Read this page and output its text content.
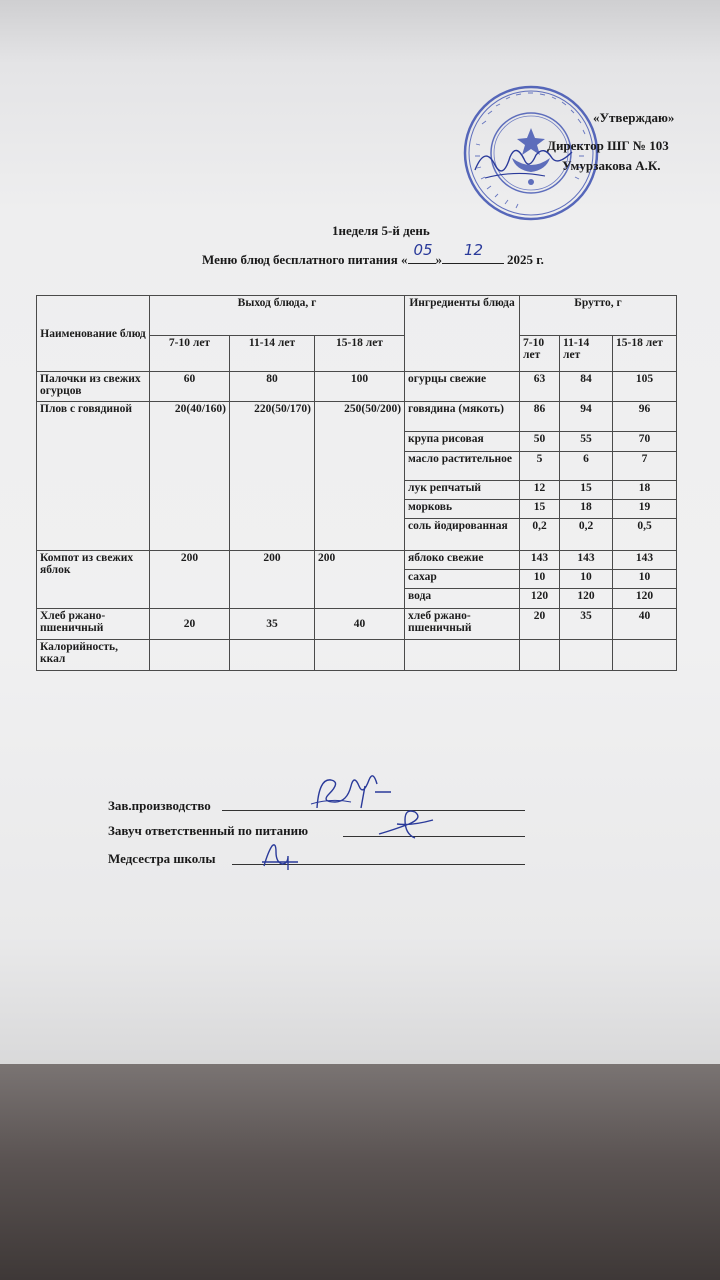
«Утверждаю»
Директор ШГ № 103
Умурзакова А.К.
1неделя 5-й день
Меню блюд бесплатного питания «
05
»
12
2025 г.
Наименование блюд	Выход блюда, г			Ингредиенты блюда	Брутто, г		
	7-10 лет	11-14 лет	15-18 лет		7-10 лет	11-14 лет	15-18 лет
Палочки из свежих огурцов	60	80	100	огурцы свежие	63	84	105
Плов с говядиной	20(40/160)	220(50/170)	250(50/200)	говядина (мякоть)	86	94	96
				крупа рисовая	50	55	70
				масло растительное	5	6	7
				лук репчатый	12	15	18
				морковь	15	18	19
				соль йодированная	0,2	0,2	0,5
Компот из свежих яблок	200	200	200	яблоко свежие	143	143	143
				сахар	10	10	10
				вода	120	120	120
Хлеб ржано-пшеничный	20	35	40	хлеб ржано-пшеничный	20	35	40
Калорийность, ккал							
Зав.производство
Завуч ответственный по питанию
Медсестра школы
